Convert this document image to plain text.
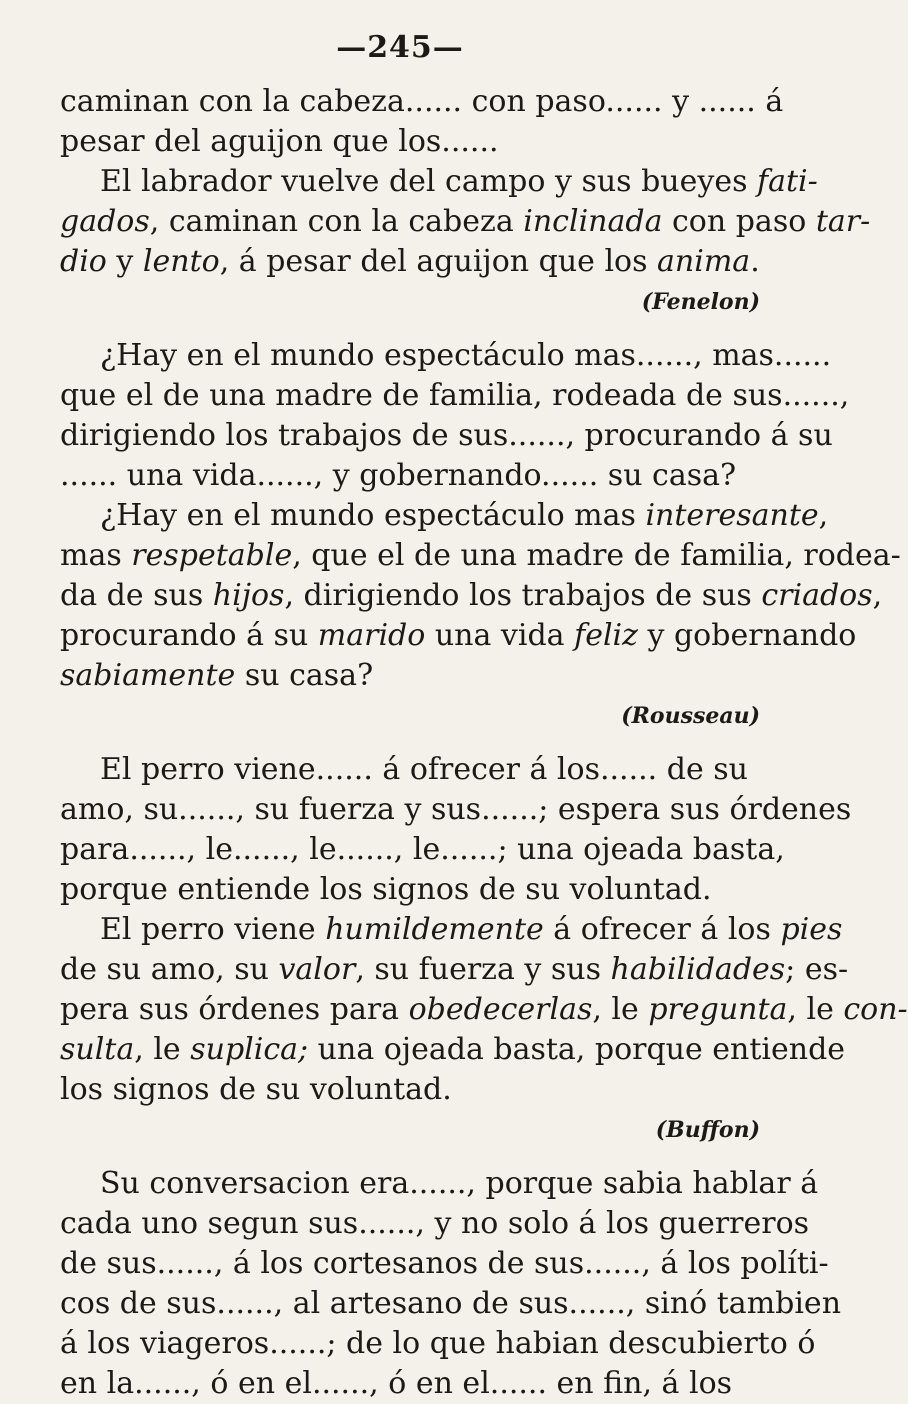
—245—
caminan con la cabeza...... con paso...... y ...... á
pesar del aguijon que los......
El labrador vuelve del campo y sus bueyes fati-
gados, caminan con la cabeza inclinada con paso tar-
dio y lento, á pesar del aguijon que los anima.
(Fenelon)
¿Hay en el mundo espectáculo mas......, mas......
que el de una madre de familia, rodeada de sus......,
dirigiendo los trabajos de sus......, procurando á su
...... una vida......, y gobernando...... su casa?
¿Hay en el mundo espectáculo mas interesante,
mas respetable, que el de una madre de familia, rodea-
da de sus hijos, dirigiendo los trabajos de sus criados,
procurando á su marido una vida feliz y gobernando
sabiamente su casa?
(Rousseau)
El perro viene...... á ofrecer á los...... de su
amo, su......, su fuerza y sus......; espera sus órdenes
para......, le......, le......, le......; una ojeada basta,
porque entiende los signos de su voluntad.
El perro viene humildemente á ofrecer á los pies
de su amo, su valor, su fuerza y sus habilidades; es-
pera sus órdenes para obedecerlas, le pregunta, le con-
sulta, le suplica; una ojeada basta, porque entiende
los signos de su voluntad.
(Buffon)
Su conversacion era......, porque sabia hablar á
cada uno segun sus......, y no solo á los guerreros
de sus......, á los cortesanos de sus......, á los políti-
cos de sus......, al artesano de sus......, sinó tambien
á los viageros......; de lo que habian descubierto ó
en la......, ó en el......, ó en el...... en fin, á los
